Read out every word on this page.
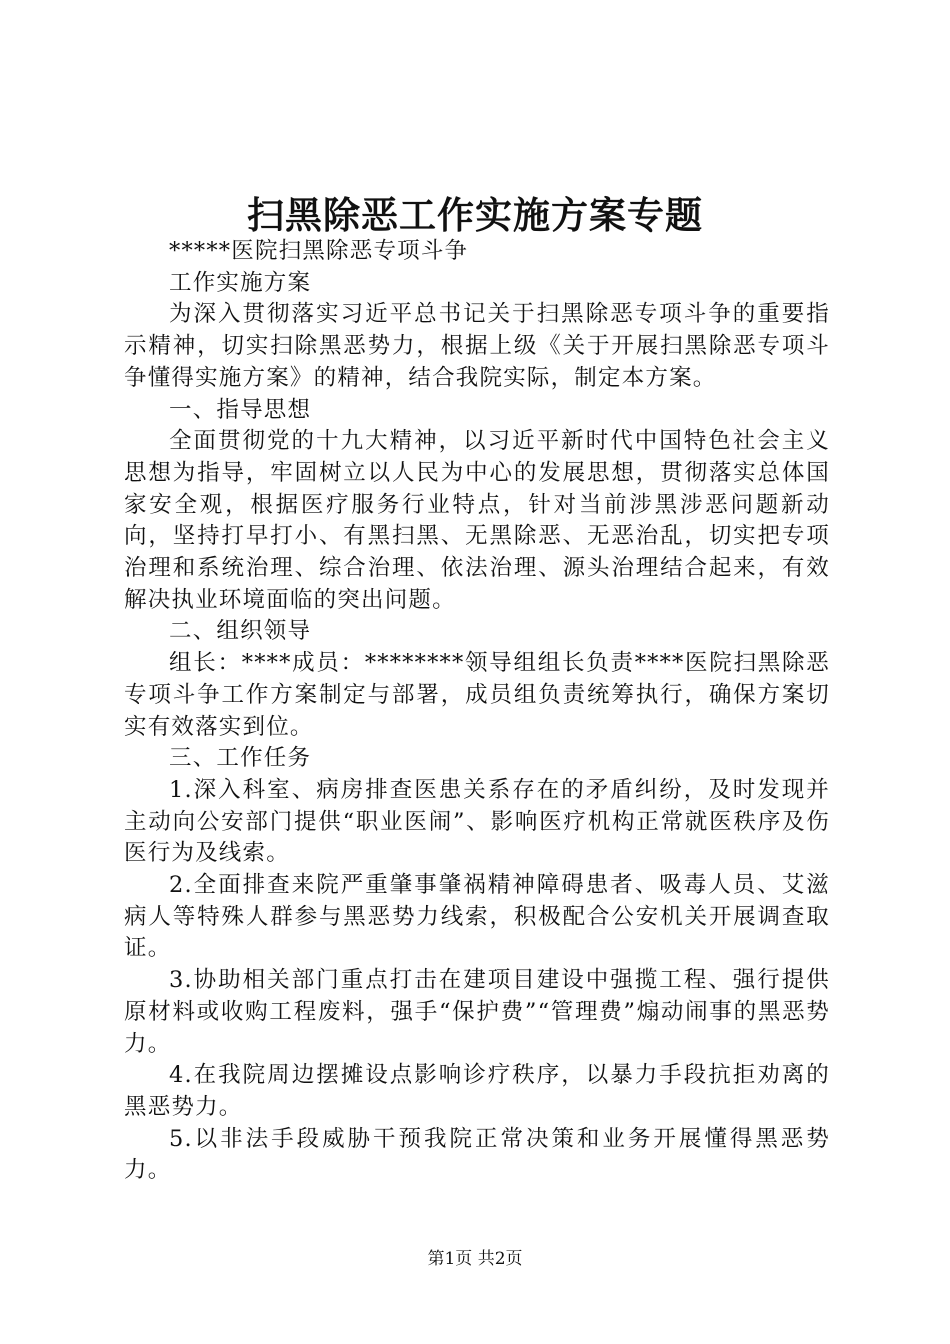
扫黑除恶工作实施方案专题

*****医院扫黑除恶专项斗争

工作实施方案

为深入贯彻落实习近平总书记关于扫黑除恶专项斗争的重要指示精神，切实扫除黑恶势力，根据上级《关于开展扫黑除恶专项斗争懂得实施方案》的精神，结合我院实际，制定本方案。

一、指导思想

全面贯彻党的十九大精神，以习近平新时代中国特色社会主义思想为指导，牢固树立以人民为中心的发展思想，贯彻落实总体国家安全观，根据医疗服务行业特点，针对当前涉黑涉恶问题新动向，坚持打早打小、有黑扫黑、无黑除恶、无恶治乱，切实把专项治理和系统治理、综合治理、依法治理、源头治理结合起来，有效解决执业环境面临的突出问题。

二、组织领导

组长：****成员：********领导组组长负责****医院扫黑除恶专项斗争工作方案制定与部署，成员组负责统筹执行，确保方案切实有效落实到位。

三、工作任务

1.深入科室、病房排查医患关系存在的矛盾纠纷，及时发现并主动向公安部门提供“职业医闹”、影响医疗机构正常就医秩序及伤医行为及线索。

2.全面排查来院严重肇事肇祸精神障碍患者、吸毒人员、艾滋病人等特殊人群参与黑恶势力线索，积极配合公安机关开展调查取证。

3.协助相关部门重点打击在建项目建设中强揽工程、强行提供原材料或收购工程废料，强手“保护费”“管理费”煽动闹事的黑恶势力。

4.在我院周边摆摊设点影响诊疗秩序，以暴力手段抗拒劝离的黑恶势力。

5.以非法手段威胁干预我院正常决策和业务开展懂得黑恶势力。

第1页 共2页
